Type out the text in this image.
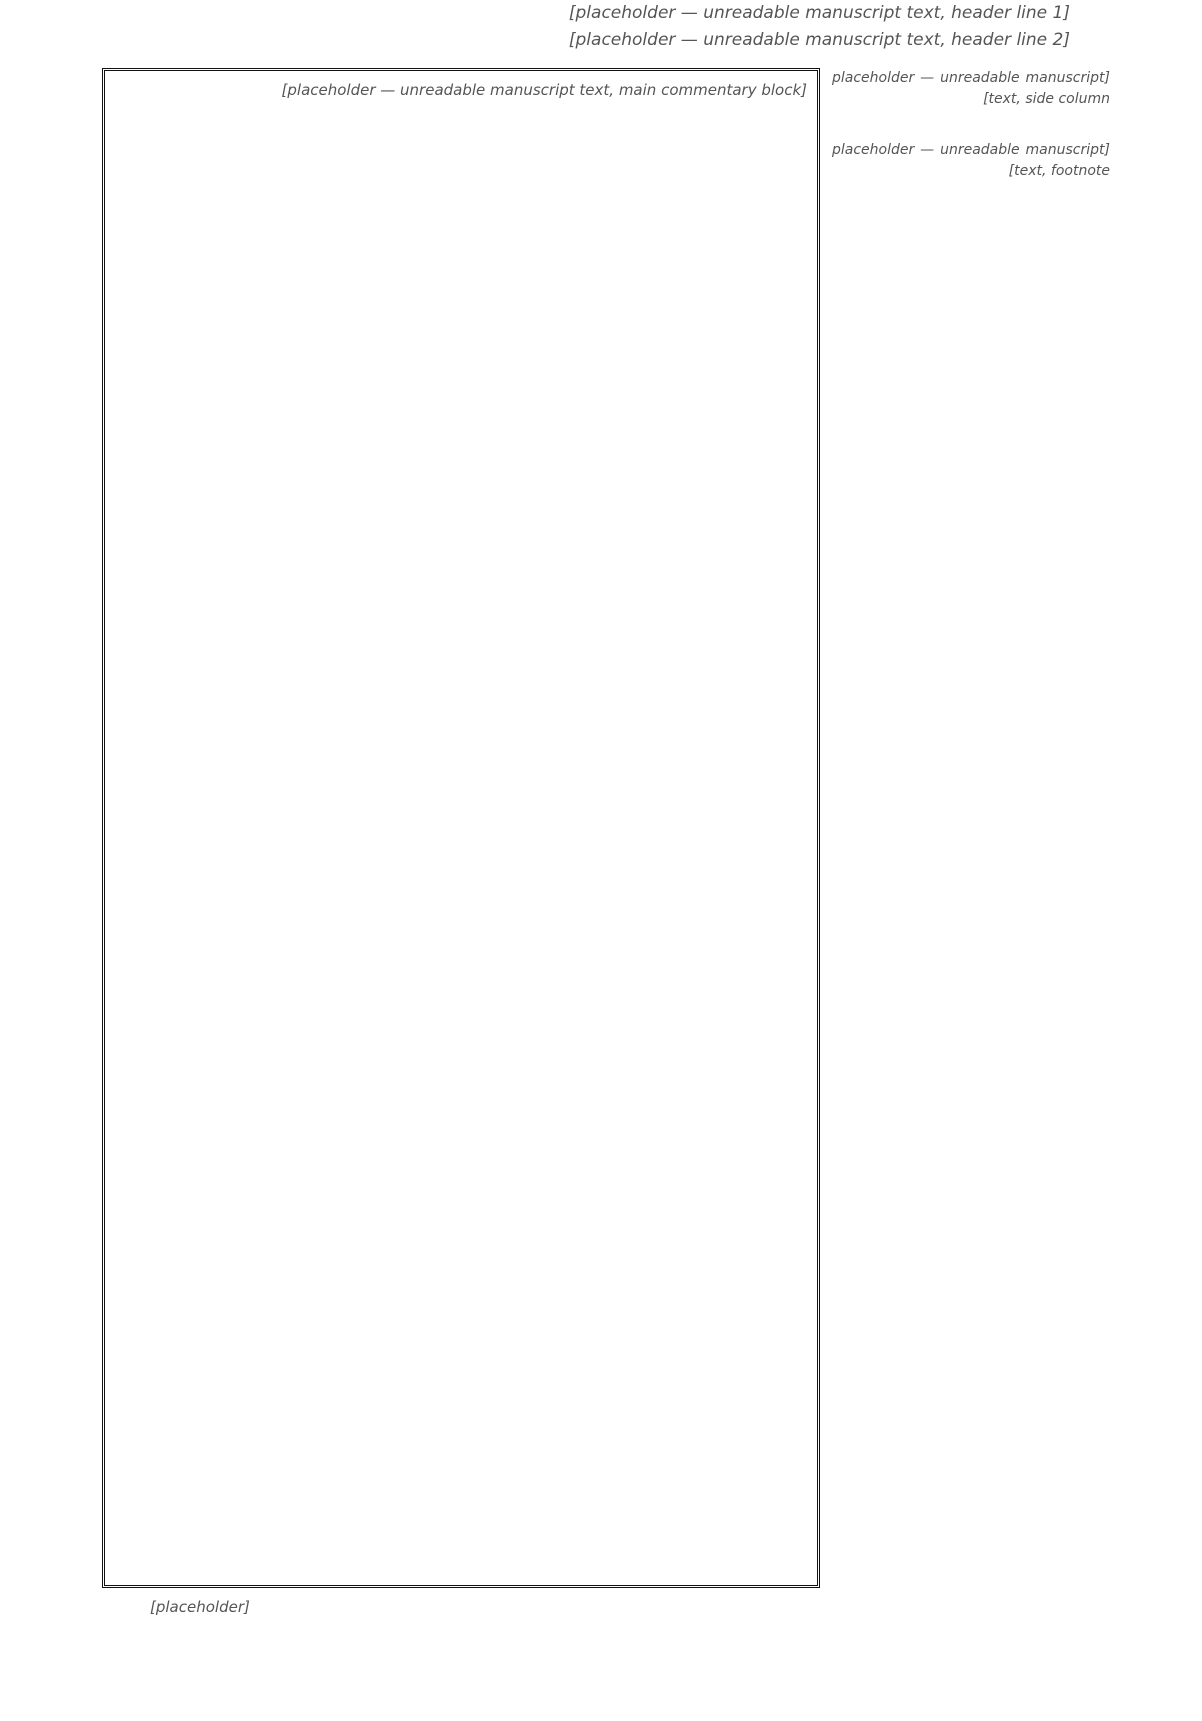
[placeholder — unreadable manuscript text, header line 1]
[placeholder — unreadable manuscript text, header line 2]
[placeholder — unreadable manuscript text, main commentary block]
[placeholder — unreadable manuscript text, side column]
[placeholder — unreadable manuscript text, footnote]
[placeholder]
